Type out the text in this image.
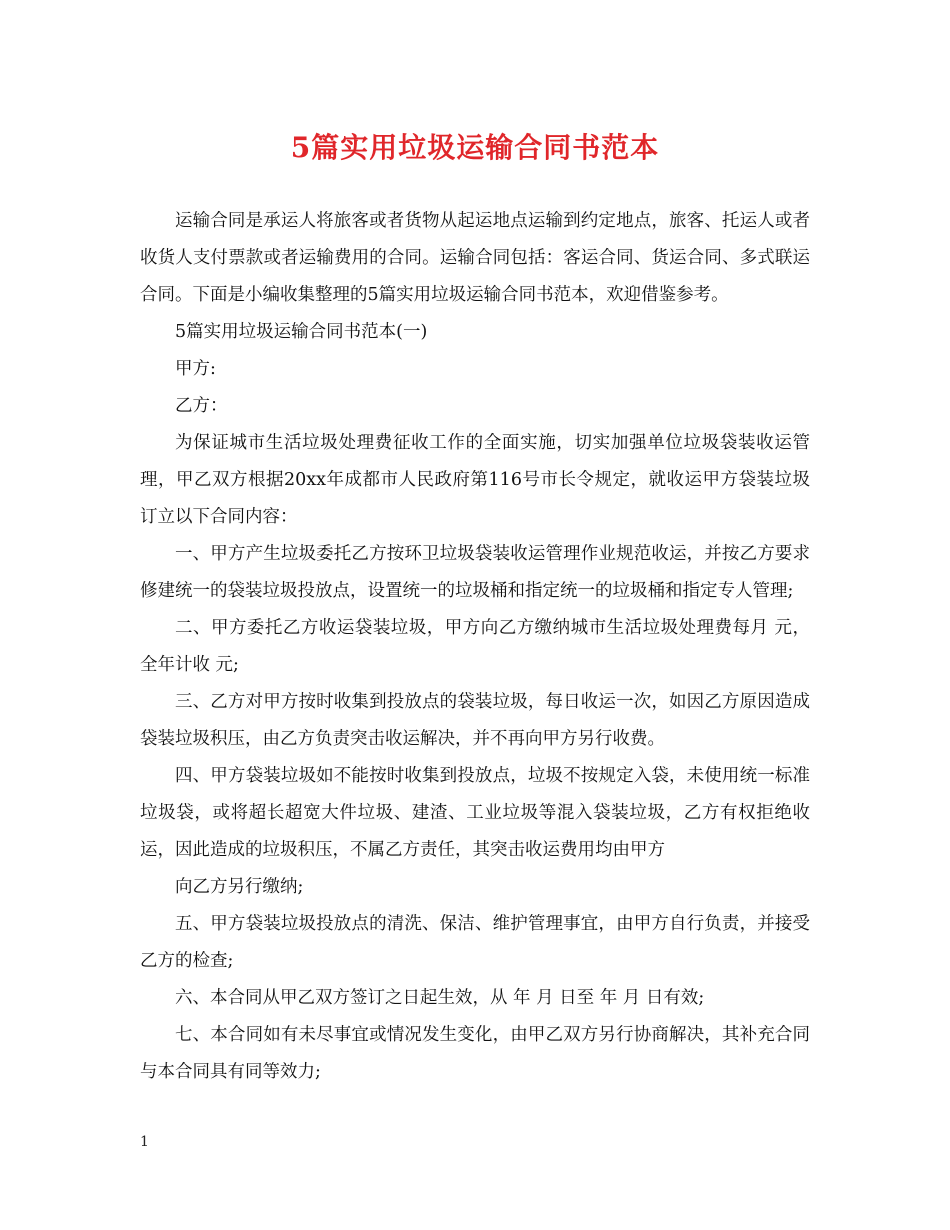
5篇实用垃圾运输合同书范本

运输合同是承运人将旅客或者货物从起运地点运输到约定地点，旅客、托运人或者收货人支付票款或者运输费用的合同。运输合同包括：客运合同、货运合同、多式联运合同。下面是小编收集整理的5篇实用垃圾运输合同书范本，欢迎借鉴参考。

5篇实用垃圾运输合同书范本(一)

甲方:

乙方：

为保证城市生活垃圾处理费征收工作的全面实施，切实加强单位垃圾袋装收运管理，甲乙双方根据20xx年成都市人民政府第116号市长令规定，就收运甲方袋装垃圾订立以下合同内容：

一、甲方产生垃圾委托乙方按环卫垃圾袋装收运管理作业规范收运，并按乙方要求修建统一的袋装垃圾投放点，设置统一的垃圾桶和指定统一的垃圾桶和指定专人管理;

二、甲方委托乙方收运袋装垃圾，甲方向乙方缴纳城市生活垃圾处理费每月 元，全年计收 元;

三、乙方对甲方按时收集到投放点的袋装垃圾，每日收运一次，如因乙方原因造成袋装垃圾积压，由乙方负责突击收运解决，并不再向甲方另行收费。

四、甲方袋装垃圾如不能按时收集到投放点，垃圾不按规定入袋，未使用统一标准垃圾袋，或将超长超宽大件垃圾、建渣、工业垃圾等混入袋装垃圾，乙方有权拒绝收运，因此造成的垃圾积压，不属乙方责任，其突击收运费用均由甲方

向乙方另行缴纳;

五、甲方袋装垃圾投放点的清洗、保洁、维护管理事宜，由甲方自行负责，并接受乙方的检查;

六、本合同从甲乙双方签订之日起生效，从 年 月 日至 年 月 日有效;

七、本合同如有未尽事宜或情况发生变化，由甲乙双方另行协商解决，其补充合同与本合同具有同等效力;

1
